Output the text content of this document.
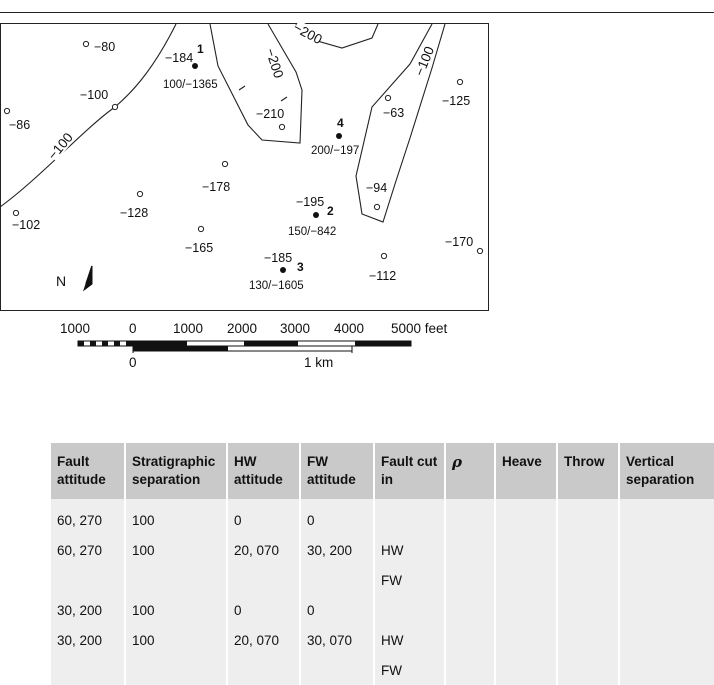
−100
−200
−200
−100
−80
−100
−86
−102
−128
−165
−178
−210	−63
−125
−94
−112
−170
1
−184
100/−1365
2
−195
150/−842
3
−185
130/−1605
4
200/−197
N
1000	0	1000 2000 3000 4000 5000 feet
0	1 km
Fault attitude	Stratigraphic separation	HW attitude	FW attitude	Fault cut in	ρ	Heave	Throw	Vertical separation

60, 270	100	0	0					
60, 270	100	20, 070	30, 200	HW				
				FW				
30, 200	100	0	0					
30, 200	100	20, 070	30, 070	HW				
				FW				
